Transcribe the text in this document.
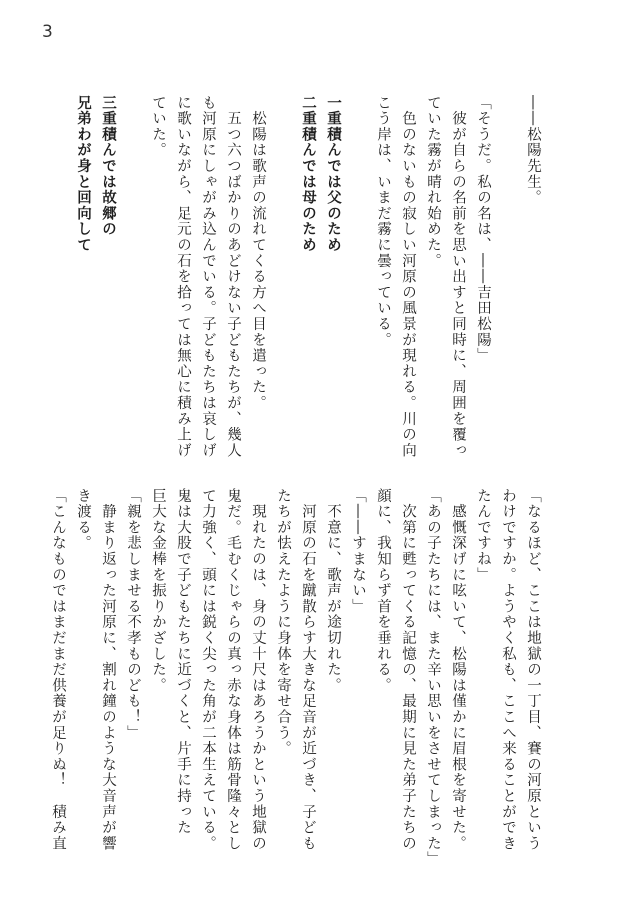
3

――松陽先生。

「そうだ。私の名は、――吉田松陽」

　彼が自らの名前を思い出すと同時に、周囲を覆っ

ていた霧が晴れ始めた。

　色のないもの寂しい河原の風景が現れる。川の向

こう岸は、いまだ霧に曇っている。

一重積んでは父のため

二重積んでは母のため

　松陽は歌声の流れてくる方へ目を遣った。

　五つ六つばかりのあどけない子どもたちが、幾人

も河原にしゃがみ込んでいる。子どもたちは哀しげ

に歌いながら、足元の石を拾っては無心に積み上げ

ていた。

三重積んでは故郷の

兄弟わが身と回向して

「なるほど、ここは地獄の一丁目、賽の河原という

わけですか。ようやく私も、ここへ来ることができ

たんですね」

　感慨深げに呟いて、松陽は僅かに眉根を寄せた。

「あの子たちには、また辛い思いをさせてしまった」

　次第に甦ってくる記憶の、最期に見た弟子たちの

顔に、我知らず首を垂れる。

「――すまない」

　不意に、歌声が途切れた。

　河原の石を蹴散らす大きな足音が近づき、子ども

たちが怯えたように身体を寄せ合う。

　現れたのは、身の丈十尺はあろうかという地獄の

鬼だ。毛むくじゃらの真っ赤な身体は筋骨隆々とし

て力強く、頭には鋭く尖った角が二本生えている。

鬼は大股で子どもたちに近づくと、片手に持った

巨大な金棒を振りかざした。

「親を悲しませる不孝ものども！」

　静まり返った河原に、割れ鐘のような大音声が響

き渡る。

「こんなものではまだまだ供養が足りぬ！　積み直
